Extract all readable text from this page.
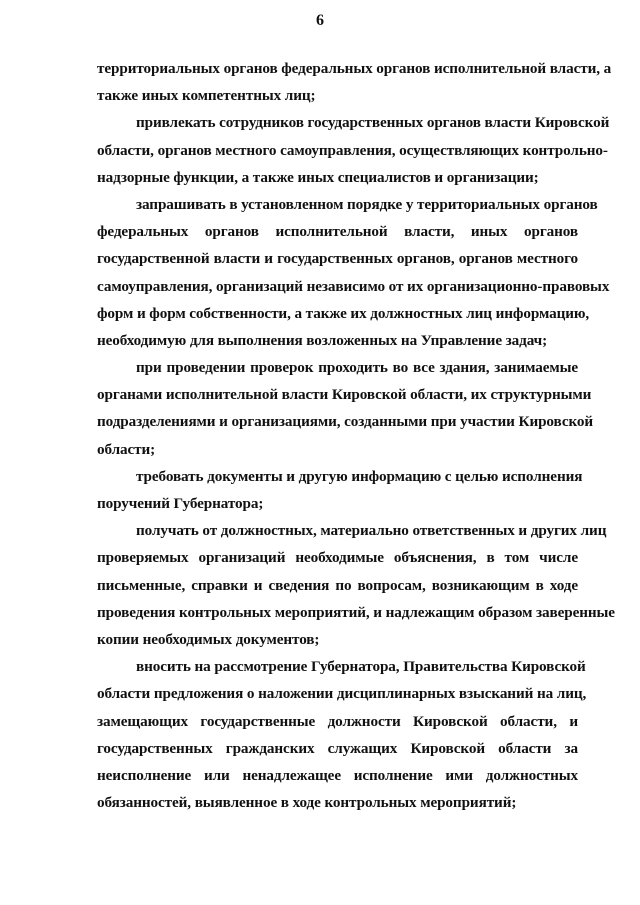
6
территориальных органов федеральных органов исполнительной власти, а
также иных компетентных лиц;
привлекать сотрудников государственных органов власти Кировской
области, органов местного самоуправления, осуществляющих контрольно-
надзорные функции, а также иных специалистов и организации;
запрашивать в установленном порядке у территориальных органов
федеральных органов исполнительной власти, иных органов
государственной власти и государственных органов, органов местного
самоуправления, организаций независимо от их организационно-правовых
форм и форм собственности, а также их должностных лиц информацию,
необходимую для выполнения возложенных на Управление задач;
при проведении проверок проходить во все здания, занимаемые
органами исполнительной власти Кировской области, их структурными
подразделениями и организациями, созданными при участии Кировской
области;
требовать документы и другую информацию с целью исполнения
поручений Губернатора;
получать от должностных, материально ответственных и других лиц
проверяемых организаций необходимые объяснения, в том числе
письменные, справки и сведения по вопросам, возникающим в ходе
проведения контрольных мероприятий, и надлежащим образом заверенные
копии необходимых документов;
вносить на рассмотрение Губернатора, Правительства Кировской
области предложения о наложении дисциплинарных взысканий на лиц,
замещающих государственные должности Кировской области, и
государственных гражданских служащих Кировской области за
неисполнение или ненадлежащее исполнение ими должностных
обязанностей, выявленное в ходе контрольных мероприятий;
